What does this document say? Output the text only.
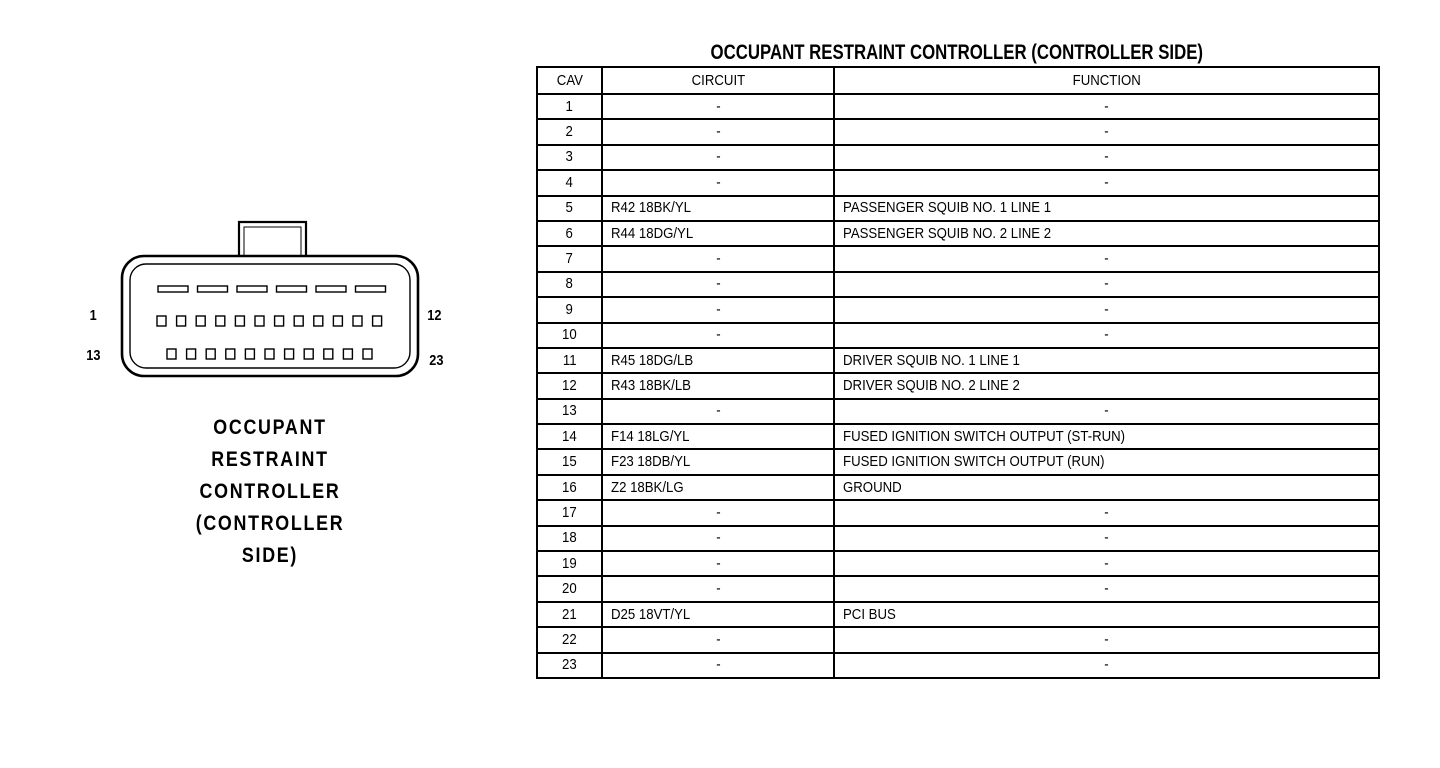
1	12
13	23
OCCUPANT
RESTRAINT
CONTROLLER
(CONTROLLER SIDE)
OCCUPANT RESTRAINT CONTROLLER (CONTROLLER SIDE)
CAV	CIRCUIT	FUNCTION
1	-	-
2	-	-
3	-	-
4	-	-
5	R42 18BK/YL	PASSENGER SQUIB NO. 1 LINE 1
6	R44 18DG/YL	PASSENGER SQUIB NO. 2 LINE 2
7	-	-
8	-	-
9	-	-
10	-	-
11	R45 18DG/LB	DRIVER SQUIB NO. 1 LINE 1
12	R43 18BK/LB	DRIVER SQUIB NO. 2 LINE 2
13	-	-
14	F14 18LG/YL	FUSED IGNITION SWITCH OUTPUT (ST-RUN)
15	F23 18DB/YL	FUSED IGNITION SWITCH OUTPUT (RUN)
16	Z2 18BK/LG	GROUND
17	-	-
18	-	-
19	-	-
20	-	-
21	D25 18VT/YL	PCI BUS
22	-	-
23	-	-
